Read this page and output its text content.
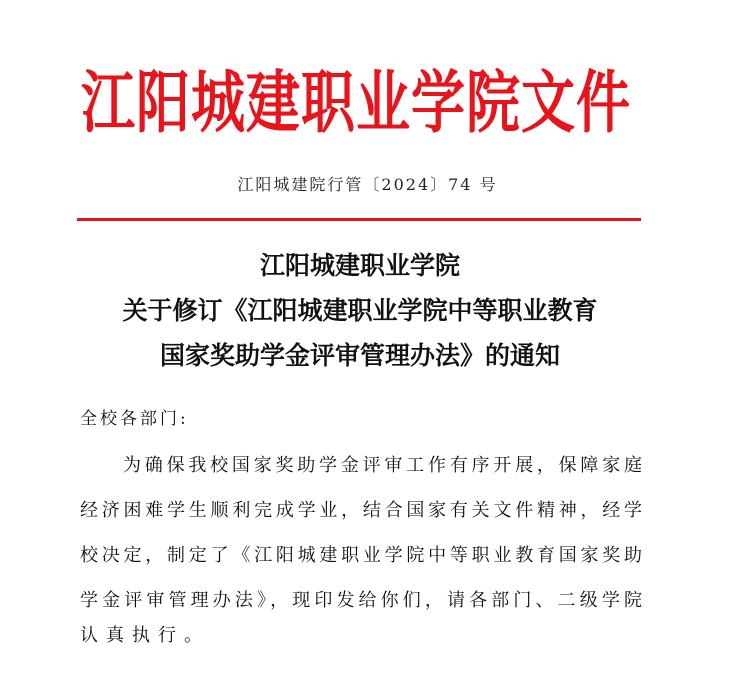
江阳城建职业学院文件
江阳城建院行管〔2024〕74 号
江阳城建职业学院
关于修订《江阳城建职业学院中等职业教育
国家奖助学金评审管理办法》的通知
全校各部门:
为确保我校国家奖助学金评审工作有序开展，保障家庭
经济困难学生顺利完成学业，结合国家有关文件精神，经学
校决定，制定了《江阳城建职业学院中等职业教育国家奖助
学金评审管理办法》，现印发给你们，请各部门、二级学院
认真执行。
